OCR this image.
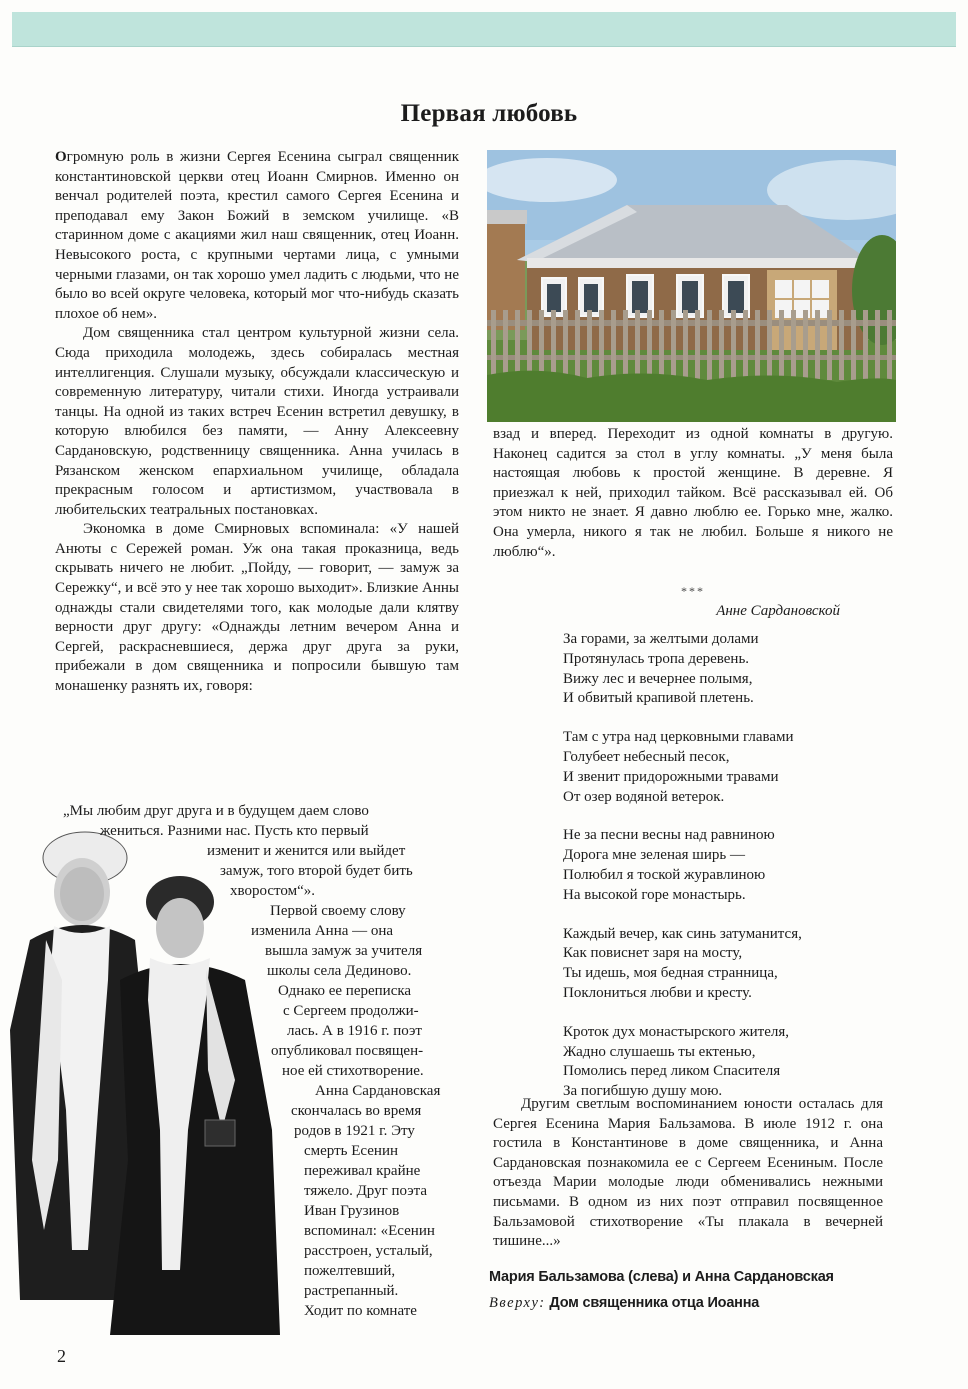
Первая любовь

Огромную роль в жизни Сергея Есенина сыграл священник константиновской церкви отец Иоанн Смирнов. Именно он венчал родителей поэта, крестил самого Сергея Есенина и преподавал ему Закон Божий в земском училище. «В старинном доме с акациями жил наш священник, отец Иоанн. Невысокого роста, с крупными чертами лица, с умными черными глазами, он так хорошо умел ладить с людьми, что не было во всей округе человека, который мог что-нибудь сказать плохое об нем».

Дом священника стал центром культурной жизни села. Сюда приходила молодежь, здесь собиралась местная интеллигенция. Слушали музыку, обсуждали классическую и современную литературу, читали стихи. Иногда устраивали танцы. На одной из таких встреч Есенин встретил девушку, в которую влюбился без памяти, — Анну Алексеевну Сардановскую, родственницу священника. Анна училась в Рязанском женском епархиальном училище, обладала прекрасным голосом и артистизмом, участвовала в любительских театральных постановках.

Экономка в доме Смирновых вспоминала: «У нашей Анюты с Сережей роман. Уж она такая проказница, ведь скрывать ничего не любит. „Пойду, — говорит, — замуж за Сережку“, и всё это у нее так хорошо выходит». Близкие Анны однажды стали свидетелями того, как молодые дали клятву верности друг другу: «Однажды летним вечером Анна и Сергей, раскрасневшиеся, держа друг друга за руки, прибежали в дом священника и попросили бывшую там монашенку разнять их, говоря:

„Мы любим друг друга и в будущем даем слово
жениться. Разними нас. Пусть кто первый
изменит и женится или выйдет
замуж, того второй будет бить
хворостом“».
Первой своему слову
изменила Анна — она
вышла замуж за учителя
школы села Дединово.
Однако ее переписка
с Сергеем продолжи-
лась. А в 1916 г. поэт
опубликовал посвящен-
ное ей стихотворение.
Анна Сардановская
скончалась во время
родов в 1921 г. Эту
смерть Есенин
переживал крайне
тяжело. Друг поэта
Иван Грузинов
вспоминал: «Есенин
расстроен, усталый,
пожелтевший,
растрепанный.
Ходит по комнате

взад и вперед. Переходит из одной комнаты в другую. Наконец садится за стол в углу комнаты. „У меня была настоящая любовь к простой женщине. В деревне. Я приезжал к ней, приходил тайком. Всё рассказывал ей. Об этом никто не знает. Я давно люблю ее. Горько мне, жалко. Она умерла, никого я так не любил. Больше я никого не люблю“».

***
Анне Сардановской
За горами, за желтыми долами
Протянулась тропа деревень.
Вижу лес и вечернее полымя,
И обвитый крапивой плетень.
Там с утра над церковными главами
Голубеет небесный песок,
И звенит придорожными травами
От озер водяной ветерок.
Не за песни весны над равниною
Дорога мне зеленая ширь —
Полюбил я тоской журавлиною
На высокой горе монастырь.
Каждый вечер, как синь затуманится,
Как повиснет заря на мосту,
Ты идешь, моя бедная странница,
Поклониться любви и кресту.
Кроток дух монастырского жителя,
Жадно слушаешь ты ектенью,
Помолись перед ликом Спасителя
За погибшую душу мою.

Другим светлым воспоминанием юности осталась для Сергея Есенина Мария Бальзамова. В июле 1912 г. она гостила в Константинове в доме священника, и Анна Сардановская познакомила ее с Сергеем Есениным. После отъезда Марии молодые люди обменивались нежными письмами. В одном из них поэт отправил посвященное Бальзамовой стихотворение «Ты плакала в вечерней тишине...»

Мария Бальзамова (слева) и Анна Сардановская
Вверху: Дом священника отца Иоанна
2
